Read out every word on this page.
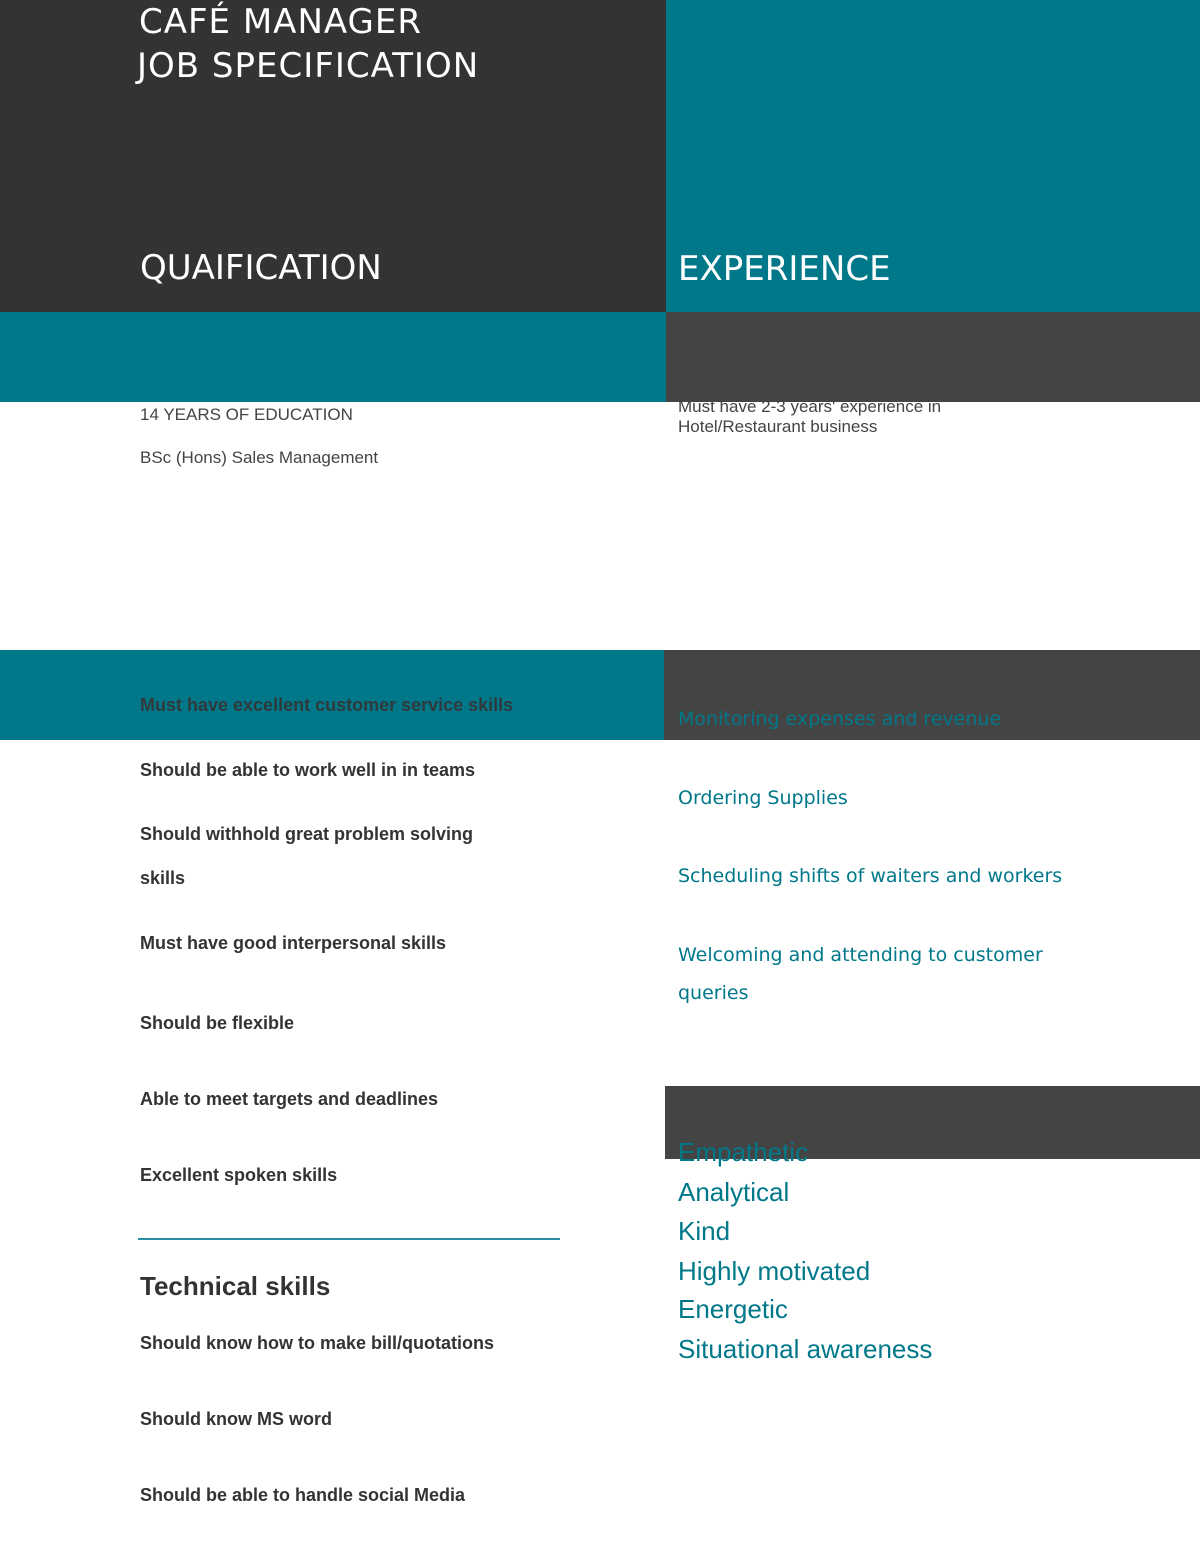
CAFÉ MANAGER
JOB SPECIFICATION
QUAIFICATION	EXPERIENCE
14 YEARS OF EDUCATION
BSc (Hons) Sales Management
Must have 2-3 years' experience in
Hotel/Restaurant business
Must have excellent customer service skills
Should be able to work well in in teams
Should withhold great problem solving
skills
Must have good interpersonal skills
Should be flexible
Able to meet targets and deadlines
Excellent spoken skills
Technical skills
Should know how to make bill/quotations
Should know MS word
Should be able to handle social Media
Monitoring expenses and revenue
Ordering Supplies
Scheduling shifts of waiters and workers
Welcoming and attending to customer
queries
Empathetic
Analytical
Kind
Highly motivated
Energetic
Situational awareness
